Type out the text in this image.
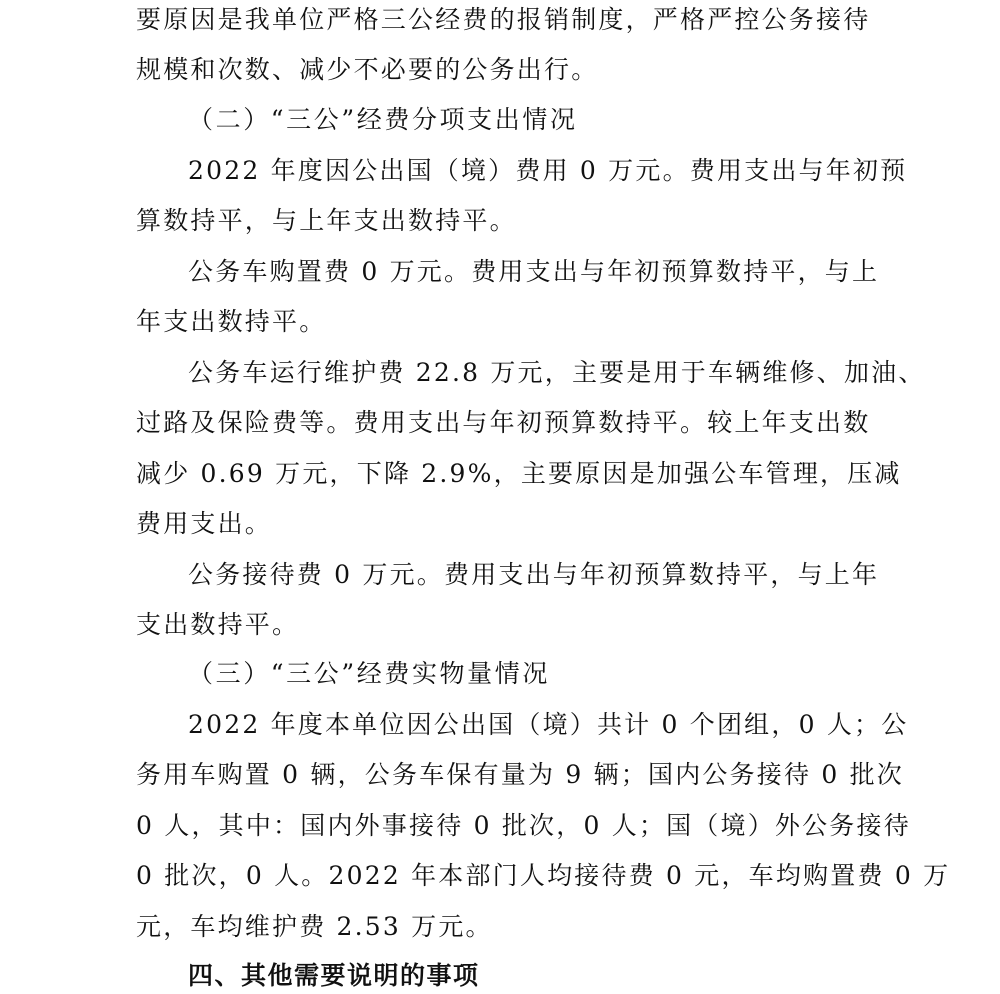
要原因是我单位严格三公经费的报销制度，严格严控公务接待
规模和次数、减少不必要的公务出行。
（二）“三公”经费分项支出情况
2022 年度因公出国（境）费用 0 万元。费用支出与年初预
算数持平，与上年支出数持平。
公务车购置费 0 万元。费用支出与年初预算数持平，与上
年支出数持平。
公务车运行维护费 22.8 万元，主要是用于车辆维修、加油、
过路及保险费等。费用支出与年初预算数持平。较上年支出数
减少 0.69 万元，下降 2.9%，主要原因是加强公车管理，压减
费用支出。
公务接待费 0 万元。费用支出与年初预算数持平，与上年
支出数持平。
（三）“三公”经费实物量情况
2022 年度本单位因公出国（境）共计 0 个团组，0 人；公
务用车购置 0 辆，公务车保有量为 9 辆；国内公务接待 0 批次
0 人，其中：国内外事接待 0 批次，0 人；国（境）外公务接待
0 批次，0 人。2022 年本部门人均接待费 0 元，车均购置费 0 万
元，车均维护费 2.53 万元。
四、其他需要说明的事项
